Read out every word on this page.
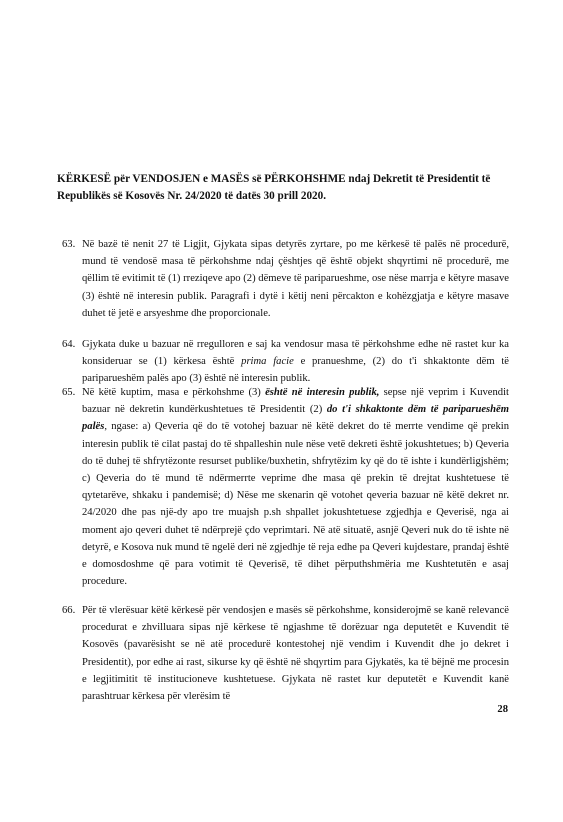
KËRKESË për VENDOSJEN e MASËS së PËRKOHSHME ndaj Dekretit të Presidentit të Republikës së Kosovës Nr. 24/2020 të datës 30 prill 2020.
63. Në bazë të nenit 27 të Ligjit, Gjykata sipas detyrës zyrtare, po me kërkesë të palës në procedurë, mund të vendosë masa të përkohshme ndaj çështjes që është objekt shqyrtimi në procedurë, me qëllim të evitimit të (1) rreziqeve apo (2) dëmeve të pariparueshme, ose nëse marrja e këtyre masave (3) është në interesin publik. Paragrafi i dytë i këtij neni përcakton e kohëzgjatja e këtyre masave duhet të jetë e arsyeshme dhe proporcionale.
64. Gjykata duke u bazuar në rregulloren e saj ka vendosur masa të përkohshme edhe në rastet kur ka konsideruar se (1) kërkesa është prima facie e pranueshme, (2) do t'i shkaktonte dëm të pariparueshëm palës apo (3) është në interesin publik.
65. Në këtë kuptim, masa e përkohshme (3) është në interesin publik, sepse një veprim i Kuvendit bazuar në dekretin kundërkushtetues të Presidentit (2) do t'i shkaktonte dëm të pariparueshëm palës, ngase: a) Qeveria që do të votohej bazuar në këtë dekret do të merrte vendime që prekin interesin publik të cilat pastaj do të shpalleshin nule nëse vetë dekreti është jokushtetues; b) Qeveria do të duhej të shfrytëzonte resurset publike/buxhetin, shfrytëzim ky që do të ishte i kundërligjshëm; c) Qeveria do të mund të ndërmerrte veprime dhe masa që prekin të drejtat kushtetuese të qytetarëve, shkaku i pandemisë; d) Nëse me skenarin që votohet qeveria bazuar në këtë dekret nr. 24/2020 dhe pas një-dy apo tre muajsh p.sh shpallet jokushtetuese zgjedhja e Qeverisë, nga ai moment ajo qeveri duhet të ndërprejë çdo veprimtari. Në atë situatë, asnjë Qeveri nuk do të ishte në detyrë, e Kosova nuk mund të ngelë deri në zgjedhje të reja edhe pa Qeveri kujdestare, prandaj është e domosdoshme që para votimit të Qeverisë, të dihet përputhshmëria me Kushtetutën e asaj procedure.
66. Për të vlerësuar këtë kërkesë për vendosjen e masës së përkohshme, konsiderojmë se kanë relevancë procedurat e zhvilluara sipas një kërkese të ngjashme të dorëzuar nga deputetët e Kuvendit të Kosovës (pavarësisht se në atë procedurë kontestohej një vendim i Kuvendit dhe jo dekret i Presidentit), por edhe ai rast, sikurse ky që është në shqyrtim para Gjykatës, ka të bëjnë me procesin e legjitimitit të institucioneve kushtetuese. Gjykata në rastet kur deputetët e Kuvendit kanë parashtruar kërkesa për vlerësim të
28
